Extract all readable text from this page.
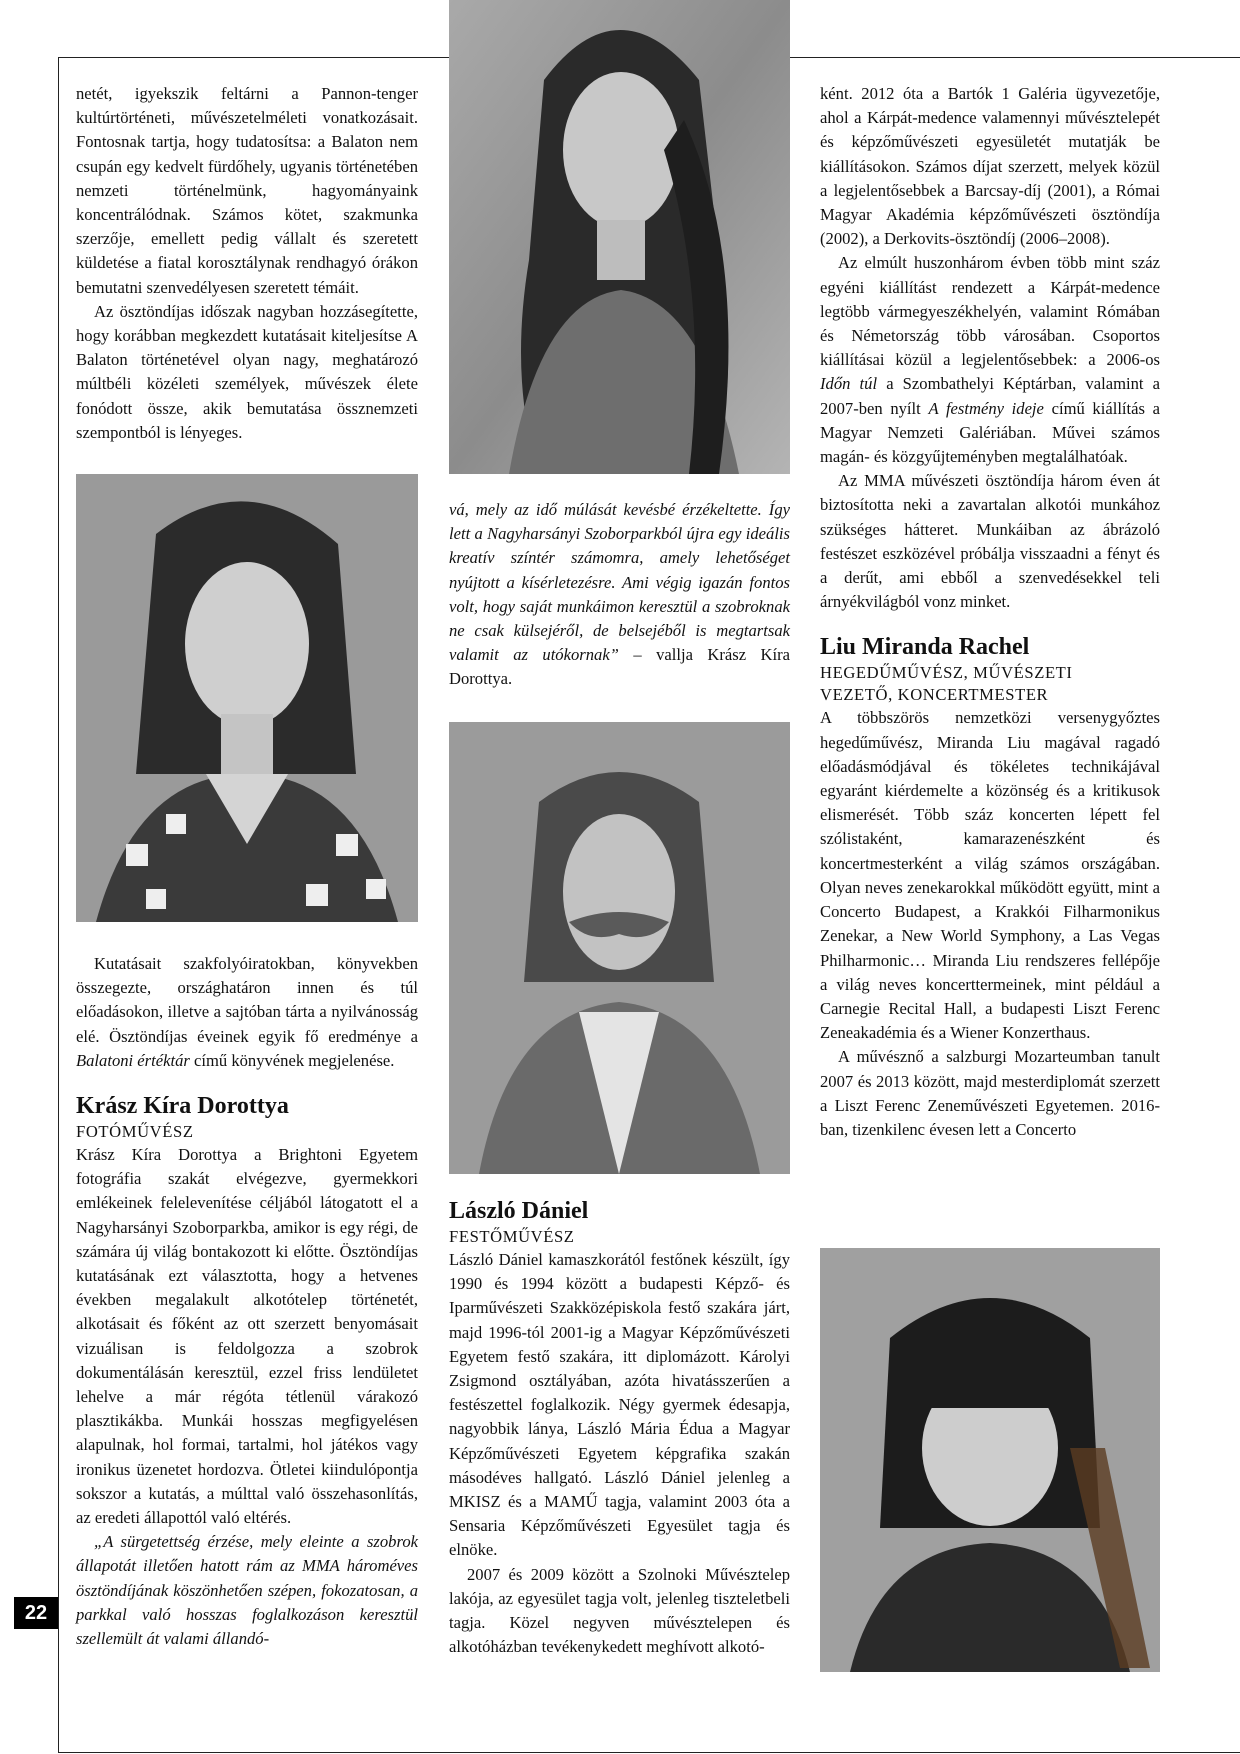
netét, igyekszik feltárni a Pannon-tenger kultúrtörténeti, művészetelméleti vonatkozásait. Fontosnak tartja, hogy tudatosítsa: a Balaton nem csupán egy kedvelt fürdőhely, ugyanis történetében nemzeti történelmünk, hagyományaink koncentrálódnak. Számos kötet, szakmunka szerzője, emellett pedig vállalt és szeretett küldetése a fiatal korosztálynak rendhagyó órákon bemutatni szenvedélyesen szeretett témáit.

Az ösztöndíjas időszak nagyban hozzásegítette, hogy korábban megkezdett kutatásait kiteljesítse A Balaton történetével olyan nagy, meghatározó múltbéli közéleti személyek, művészek élete fonódott össze, akik bemutatása össznemzeti szempontból is lényeges.

Kutatásait szakfolyóiratokban, könyvekben összegezte, országhatáron innen és túl előadásokon, illetve a sajtóban tárta a nyilvánosság elé. Ösztöndíjas éveinek egyik fő eredménye a Balatoni értéktár című könyvének megjelenése.

Krász Kíra Dorottya

FOTÓMŰVÉSZ

Krász Kíra Dorottya a Brightoni Egyetem fotográfia szakát elvégezve, gyermekkori emlékeinek felelevenítése céljából látogatott el a Nagyharsányi Szoborparkba, amikor is egy régi, de számára új világ bontakozott ki előtte. Ösztöndíjas kutatásának ezt választotta, hogy a hetvenes években megalakult alkotótelep történetét, alkotásait és főként az ott szerzett benyomásait vizuálisan is feldolgozza a szobrok dokumentálásán keresztül, ezzel friss lendületet lehelve a már régóta tétlenül várakozó plasztikákba. Munkái hosszas megfigyelésen alapulnak, hol formai, tartalmi, hol játékos vagy ironikus üzenetet hordozva. Ötletei kiindulópontja sokszor a kutatás, a múlttal való összehasonlítás, az eredeti állapottól való eltérés.

„A sürgetettség érzése, mely eleinte a szobrok állapotát illetően hatott rám az MMA hároméves ösztöndíjának köszönhetően szépen, fokozatosan, a parkkal való hosszas foglalkozáson keresztül szellemült át valami állandó-

vá, mely az idő múlását kevésbé érzékeltette. Így lett a Nagyharsányi Szoborparkból újra egy ideális kreatív színtér számomra, amely lehetőséget nyújtott a kísérletezésre. Ami végig igazán fontos volt, hogy saját munkáimon keresztül a szobroknak ne csak külsejéről, de belsejéből is megtartsak valamit az utókornak” – vallja Krász Kíra Dorottya.

László Dániel

FESTŐMŰVÉSZ

László Dániel kamaszkorától festőnek készült, így 1990 és 1994 között a budapesti Képző- és Iparművészeti Szakközépiskola festő szakára járt, majd 1996-tól 2001-ig a Magyar Képzőművészeti Egyetem festő szakára, itt diplomázott. Károlyi Zsigmond osztályában, azóta hivatásszerűen a festészettel foglalkozik. Négy gyermek édesapja, nagyobbik lánya, László Mária Édua a Magyar Képzőművészeti Egyetem képgrafika szakán másodéves hallgató. László Dániel jelenleg a MKISZ és a MAMŰ tagja, valamint 2003 óta a Sensaria Képzőművészeti Egyesület tagja és elnöke.

2007 és 2009 között a Szolnoki Művésztelep lakója, az egyesület tagja volt, jelenleg tiszteletbeli tagja. Közel negyven művésztelepen és alkotóházban tevékenykedett meghívott alkotó-

ként. 2012 óta a Bartók 1 Galéria ügyvezetője, ahol a Kárpát-medence valamennyi művésztelepét és képzőművészeti egyesületét mutatják be kiállításokon. Számos díjat szerzett, melyek közül a legjelentősebbek a Barcsay-díj (2001), a Római Magyar Akadémia képzőművészeti ösztöndíja (2002), a Derkovits-ösztöndíj (2006–2008).

Az elmúlt huszonhárom évben több mint száz egyéni kiállítást rendezett a Kárpát-medence legtöbb vármegyeszékhelyén, valamint Rómában és Németország több városában. Csoportos kiállításai közül a legjelentősebbek: a 2006-os Időn túl a Szombathelyi Képtárban, valamint a 2007-ben nyílt A festmény ideje című kiállítás a Magyar Nemzeti Galériában. Művei számos magán- és közgyűjteményben megtalálhatóak.

Az MMA művészeti ösztöndíja három éven át biztosította neki a zavartalan alkotói munkához szükséges hátteret. Munkáiban az ábrázoló festészet eszközével próbálja visszaadni a fényt és a derűt, ami ebből a szenvedésekkel teli árnyékvilágból vonz minket.

Liu Miranda Rachel

HEGEDŰMŰVÉSZ, MŰVÉSZETI

VEZETŐ, KONCERTMESTER

A többszörös nemzetközi versenygyőztes hegedűművész, Miranda Liu magával ragadó előadásmódjával és tökéletes technikájával egyaránt kiérdemelte a közönség és a kritikusok elismerését. Több száz koncerten lépett fel szólistaként, kamarazenészként és koncertmesterként a világ számos országában. Olyan neves zenekarokkal működött együtt, mint a Concerto Budapest, a Krakkói Filharmonikus Zenekar, a New World Symphony, a Las Vegas Philharmonic… Miranda Liu rendszeres fellépője a világ neves koncerttermeinek, mint például a Carnegie Recital Hall, a budapesti Liszt Ferenc Zeneakadémia és a Wiener Konzerthaus.

A művésznő a salzburgi Mozarteumban tanult 2007 és 2013 között, majd mesterdiplomát szerzett a Liszt Ferenc Zeneművészeti Egyetemen. 2016-ban, tizenkilenc évesen lett a Concerto

22
